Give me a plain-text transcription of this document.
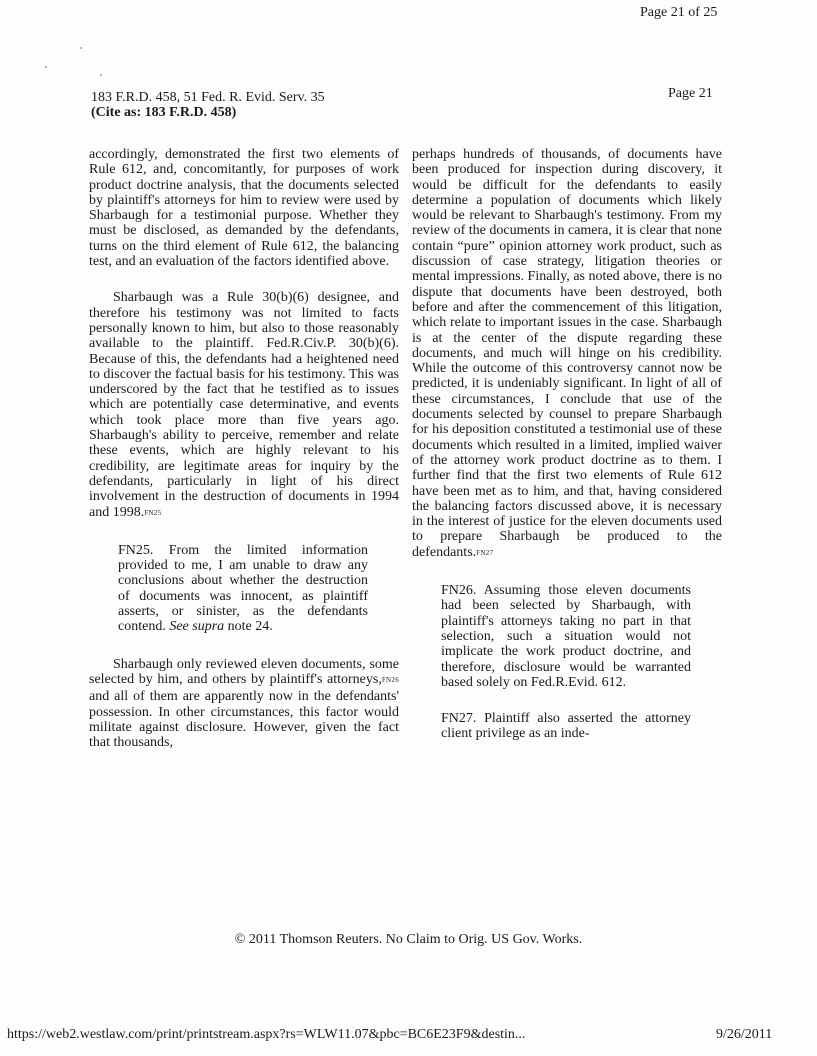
Page 21 of 25
183 F.R.D. 458, 51 Fed. R. Evid. Serv. 35
(Cite as: 183 F.R.D. 458)
Page 21

accordingly, demonstrated the first two elements of Rule 612, and, concomitantly, for purposes of work product doctrine analysis, that the documents selected by plaintiff's attorneys for him to review were used by Sharbaugh for a testimonial purpose. Whether they must be disclosed, as demanded by the defendants, turns on the third element of Rule 612, the balancing test, and an evaluation of the factors identified above.

Sharbaugh was a Rule 30(b)(6) designee, and therefore his testimony was not limited to facts personally known to him, but also to those reasonably available to the plaintiff. Fed.R.Civ.P. 30(b)(6). Because of this, the defendants had a heightened need to discover the factual basis for his testimony. This was underscored by the fact that he testified as to issues which are potentially case determinative, and events which took place more than five years ago. Sharbaugh's ability to perceive, remember and relate these events, which are highly relevant to his credibility, are legitimate areas for inquiry by the defendants, particularly in light of his direct involvement in the destruction of documents in 1994 and 1998.$^{FN25}$

FN25. From the limited information provided to me, I am unable to draw any conclusions about whether the destruction of documents was innocent, as plaintiff asserts, or sinister, as the defendants contend. See supra note 24.

Sharbaugh only reviewed eleven documents, some selected by him, and others by plaintiff's attorneys,$^{FN26}$ and all of them are apparently now in the defendants' possession. In other circumstances, this factor would militate against disclosure. However, given the fact that thousands,

perhaps hundreds of thousands, of documents have been produced for inspection during discovery, it would be difficult for the defendants to easily determine a population of documents which likely would be relevant to Sharbaugh's testimony. From my review of the documents in camera, it is clear that none contain “pure” opinion attorney work product, such as discussion of case strategy, litigation theories or mental impressions. Finally, as noted above, there is no dispute that documents have been destroyed, both before and after the commencement of this litigation, which relate to important issues in the case. Sharbaugh is at the center of the dispute regarding these documents, and much will hinge on his credibility. While the outcome of this controversy cannot now be predicted, it is undeniably significant. In light of all of these circumstances, I conclude that use of the documents selected by counsel to prepare Sharbaugh for his deposition constituted a testimonial use of these documents which resulted in a limited, implied waiver of the attorney work product doctrine as to them. I further find that the first two elements of Rule 612 have been met as to him, and that, having considered the balancing factors discussed above, it is necessary in the interest of justice for the eleven documents used to prepare Sharbaugh be produced to the defendants.$^{FN27}$

FN26. Assuming those eleven documents had been selected by Sharbaugh, with plaintiff's attorneys taking no part in that selection, such a situation would not implicate the work product doctrine, and therefore, disclosure would be warranted based solely on Fed.R.Evid. 612.

FN27. Plaintiff also asserted the attorney client privilege as an inde-

© 2011 Thomson Reuters. No Claim to Orig. US Gov. Works.
https://web2.westlaw.com/print/printstream.aspx?rs=WLW11.07&pbc=BC6E23F9&destin...	9/26/2011
